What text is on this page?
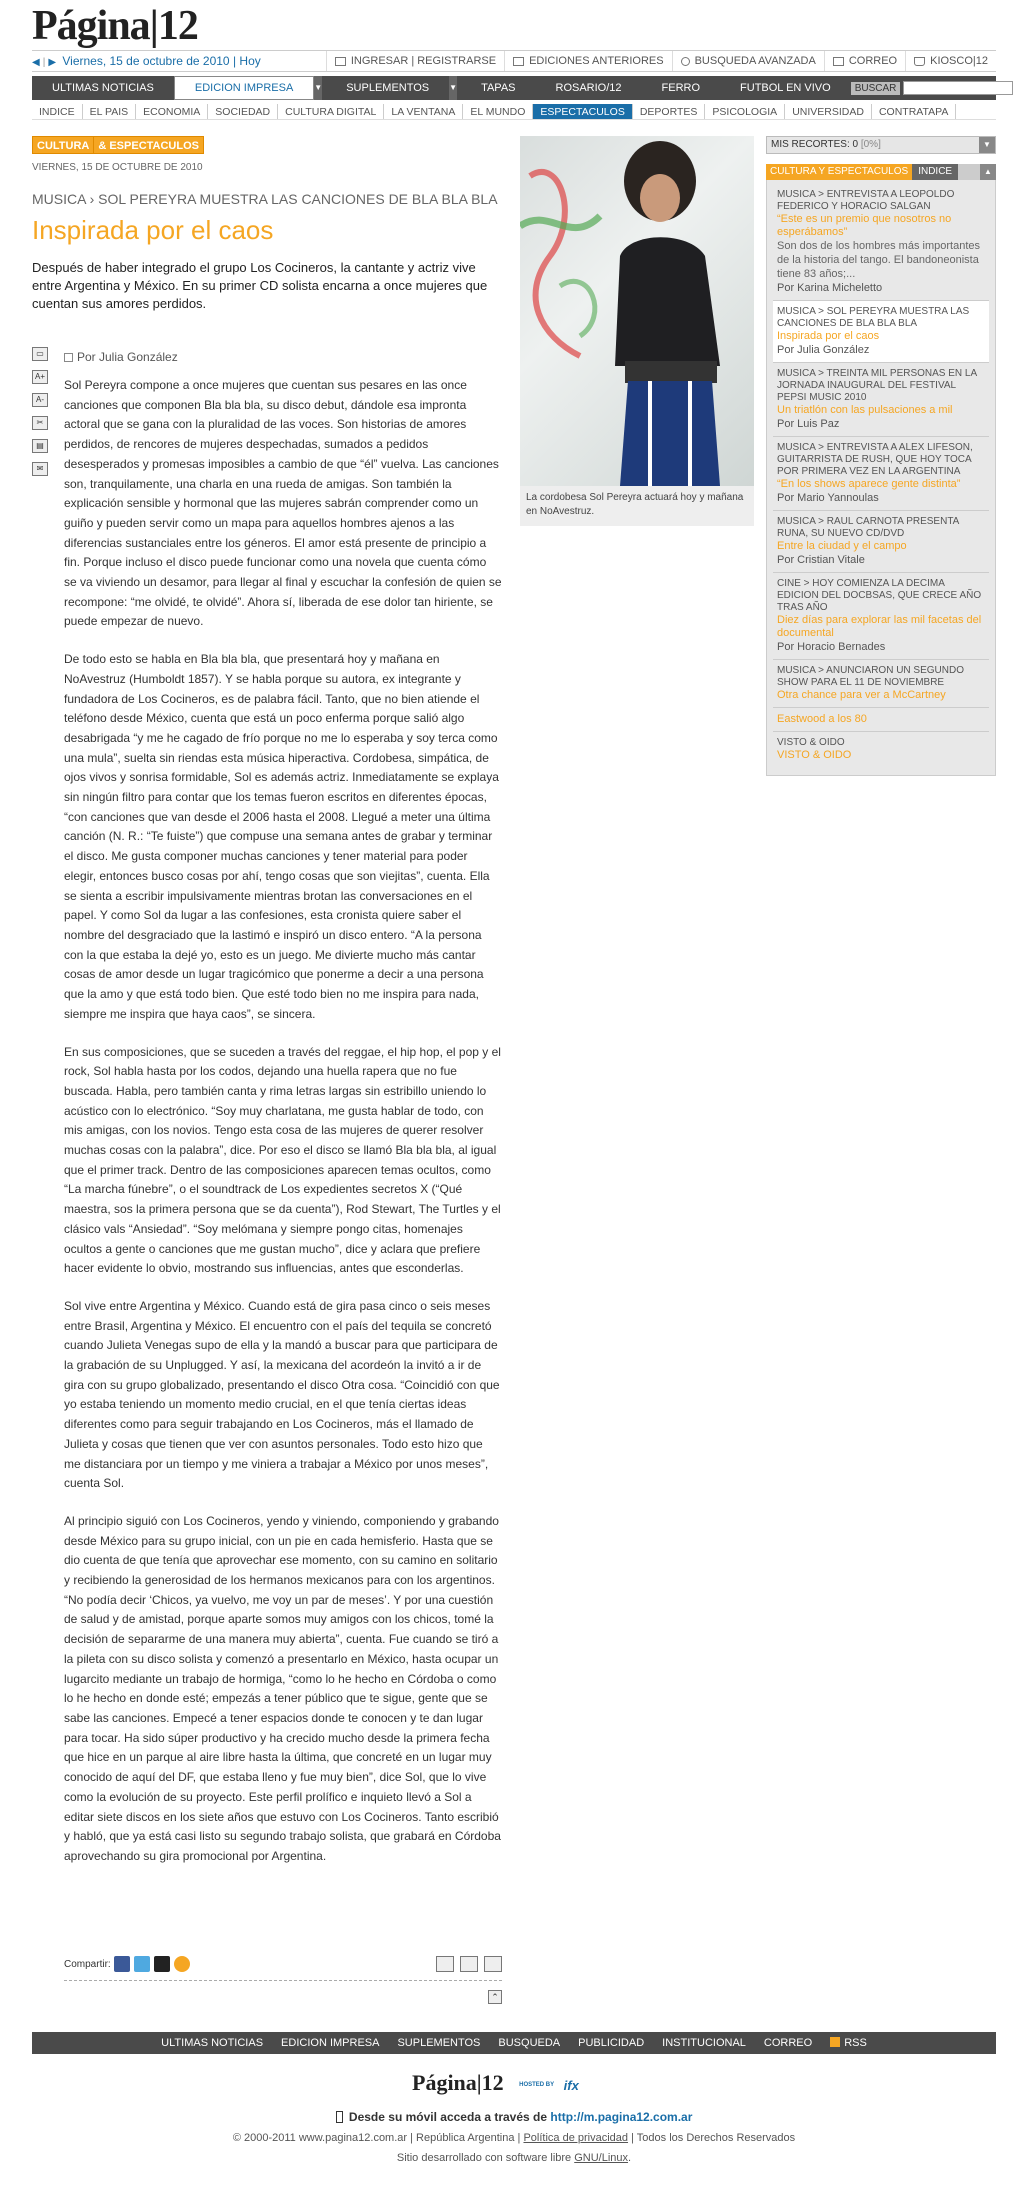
Página|12
◀ | ▶ Viernes, 15 de octubre de 2010 | Hoy	INGRESAR | REGISTRARSE	EDICIONES ANTERIORES	BUSQUEDA AVANZADA	CORREO	KIOSCO|12
ULTIMAS NOTICIAS	EDICION IMPRESA	▼	SUPLEMENTOS	▼	TAPAS	ROSARIO/12	FERRO	FUTBOL EN VIVO	BUSCAR
INDICE	EL PAIS	ECONOMIA	SOCIEDAD	CULTURA DIGITAL	LA VENTANA	EL MUNDO	ESPECTACULOS	DEPORTES	PSICOLOGIA	UNIVERSIDAD	CONTRATAPA
CULTURA & ESPECTACULOS
VIERNES, 15 DE OCTUBRE DE 2010
MUSICA › SOL PEREYRA MUESTRA LAS CANCIONES DE BLA BLA BLA
Inspirada por el caos
Después de haber integrado el grupo Los Cocineros, la cantante y actriz vive entre Argentina y México. En su primer CD solista encarna a once mujeres que cuentan sus amores perdidos.
▭
A+
A-
✂
▤
✉
Por Julia González

Sol Pereyra compone a once mujeres que cuentan sus pesares en las once canciones que componen Bla bla bla, su disco debut, dándole esa impronta actoral que se gana con la pluralidad de las voces. Son historias de amores perdidos, de rencores de mujeres despechadas, sumados a pedidos desesperados y promesas imposibles a cambio de que “él” vuelva. Las canciones son, tranquilamente, una charla en una rueda de amigas. Son también la explicación sensible y hormonal que las mujeres sabrán comprender como un guiño y pueden servir como un mapa para aquellos hombres ajenos a las diferencias sustanciales entre los géneros. El amor está presente de principio a fin. Porque incluso el disco puede funcionar como una novela que cuenta cómo se va viviendo un desamor, para llegar al final y escuchar la confesión de quien se recompone: “me olvidé, te olvidé”. Ahora sí, liberada de ese dolor tan hiriente, se puede empezar de nuevo.

De todo esto se habla en Bla bla bla, que presentará hoy y mañana en NoAvestruz (Humboldt 1857). Y se habla porque su autora, ex integrante y fundadora de Los Cocineros, es de palabra fácil. Tanto, que no bien atiende el teléfono desde México, cuenta que está un poco enferma porque salió algo desabrigada “y me he cagado de frío porque no me lo esperaba y soy terca como una mula”, suelta sin riendas esta música hiperactiva. Cordobesa, simpática, de ojos vivos y sonrisa formidable, Sol es además actriz. Inmediatamente se explaya sin ningún filtro para contar que los temas fueron escritos en diferentes épocas, “con canciones que van desde el 2006 hasta el 2008. Llegué a meter una última canción (N. R.: “Te fuiste”) que compuse una semana antes de grabar y terminar el disco. Me gusta componer muchas canciones y tener material para poder elegir, entonces busco cosas por ahí, tengo cosas que son viejitas”, cuenta. Ella se sienta a escribir impulsivamente mientras brotan las conversaciones en el papel. Y como Sol da lugar a las confesiones, esta cronista quiere saber el nombre del desgraciado que la lastimó e inspiró un disco entero. “A la persona con la que estaba la dejé yo, esto es un juego. Me divierte mucho más cantar cosas de amor desde un lugar tragicómico que ponerme a decir a una persona que la amo y que está todo bien. Que esté todo bien no me inspira para nada, siempre me inspira que haya caos”, se sincera.

En sus composiciones, que se suceden a través del reggae, el hip hop, el pop y el rock, Sol habla hasta por los codos, dejando una huella rapera que no fue buscada. Habla, pero también canta y rima letras largas sin estribillo uniendo lo acústico con lo electrónico. “Soy muy charlatana, me gusta hablar de todo, con mis amigas, con los novios. Tengo esta cosa de las mujeres de querer resolver muchas cosas con la palabra”, dice. Por eso el disco se llamó Bla bla bla, al igual que el primer track. Dentro de las composiciones aparecen temas ocultos, como “La marcha fúnebre”, o el soundtrack de Los expedientes secretos X (“Qué maestra, sos la primera persona que se da cuenta”), Rod Stewart, The Turtles y el clásico vals “Ansiedad”. “Soy melómana y siempre pongo citas, homenajes ocultos a gente o canciones que me gustan mucho”, dice y aclara que prefiere hacer evidente lo obvio, mostrando sus influencias, antes que esconderlas.

Sol vive entre Argentina y México. Cuando está de gira pasa cinco o seis meses entre Brasil, Argentina y México. El encuentro con el país del tequila se concretó cuando Julieta Venegas supo de ella y la mandó a buscar para que participara de la grabación de su Unplugged. Y así, la mexicana del acordeón la invitó a ir de gira con su grupo globalizado, presentando el disco Otra cosa. “Coincidió con que yo estaba teniendo un momento medio crucial, en el que tenía ciertas ideas diferentes como para seguir trabajando en Los Cocineros, más el llamado de Julieta y cosas que tienen que ver con asuntos personales. Todo esto hizo que me distanciara por un tiempo y me viniera a trabajar a México por unos meses”, cuenta Sol.

Al principio siguió con Los Cocineros, yendo y viniendo, componiendo y grabando desde México para su grupo inicial, con un pie en cada hemisferio. Hasta que se dio cuenta de que tenía que aprovechar ese momento, con su camino en solitario y recibiendo la generosidad de los hermanos mexicanos para con los argentinos. “No podía decir ‘Chicos, ya vuelvo, me voy un par de meses’. Y por una cuestión de salud y de amistad, porque aparte somos muy amigos con los chicos, tomé la decisión de separarme de una manera muy abierta”, cuenta. Fue cuando se tiró a la pileta con su disco solista y comenzó a presentarlo en México, hasta ocupar un lugarcito mediante un trabajo de hormiga, “como lo he hecho en Córdoba o como lo he hecho en donde esté; empezás a tener público que te sigue, gente que se sabe las canciones. Empecé a tener espacios donde te conocen y te dan lugar para tocar. Ha sido súper productivo y ha crecido mucho desde la primera fecha que hice en un parque al aire libre hasta la última, que concreté en un lugar muy conocido de aquí del DF, que estaba lleno y fue muy bien”, dice Sol, que lo vive como la evolución de su proyecto. Este perfil prolífico e inquieto llevó a Sol a editar siete discos en los siete años que estuvo con Los Cocineros. Tanto escribió y habló, que ya está casi listo su segundo trabajo solista, que grabará en Córdoba aprovechando su gira promocional por Argentina.

Compartir:
⌃
La cordobesa Sol Pereyra actuará hoy y mañana en NoAvestruz.
MIS RECORTES: 0 [0%]	▼
CULTURA Y ESPECTACULOS	INDICE	▲
MUSICA > ENTREVISTA A LEOPOLDO FEDERICO Y HORACIO SALGAN
“Este es un premio que nosotros no esperábamos”
Son dos de los hombres más importantes de la historia del tango. El bandoneonista tiene 83 años;...
Por Karina Micheletto
MUSICA > SOL PEREYRA MUESTRA LAS CANCIONES DE BLA BLA BLA
Inspirada por el caos
Por Julia González
MUSICA > TREINTA MIL PERSONAS EN LA JORNADA INAUGURAL DEL FESTIVAL PEPSI MUSIC 2010
Un triatlón con las pulsaciones a mil
Por Luis Paz
MUSICA > ENTREVISTA A ALEX LIFESON, GUITARRISTA DE RUSH, QUE HOY TOCA POR PRIMERA VEZ EN LA ARGENTINA
“En los shows aparece gente distinta”
Por Mario Yannoulas
MUSICA > RAUL CARNOTA PRESENTA RUNA, SU NUEVO CD/DVD
Entre la ciudad y el campo
Por Cristian Vitale
CINE > HOY COMIENZA LA DECIMA EDICION DEL DOCBSAS, QUE CRECE AÑO TRAS AÑO
Diez días para explorar las mil facetas del documental
Por Horacio Bernades
MUSICA > ANUNCIARON UN SEGUNDO SHOW PARA EL 11 DE NOVIEMBRE
Otra chance para ver a McCartney
Eastwood a los 80
VISTO & OIDO
VISTO & OIDO
ULTIMAS NOTICIAS	EDICION IMPRESA	SUPLEMENTOS	BUSQUEDA	PUBLICIDAD	INSTITUCIONAL	CORREO	RSS
Página|12	HOSTED BY ifx
Desde su móvil acceda a través de http://m.pagina12.com.ar
© 2000-2011 www.pagina12.com.ar | República Argentina | Política de privacidad | Todos los Derechos Reservados
Sitio desarrollado con software libre GNU/Linux.
